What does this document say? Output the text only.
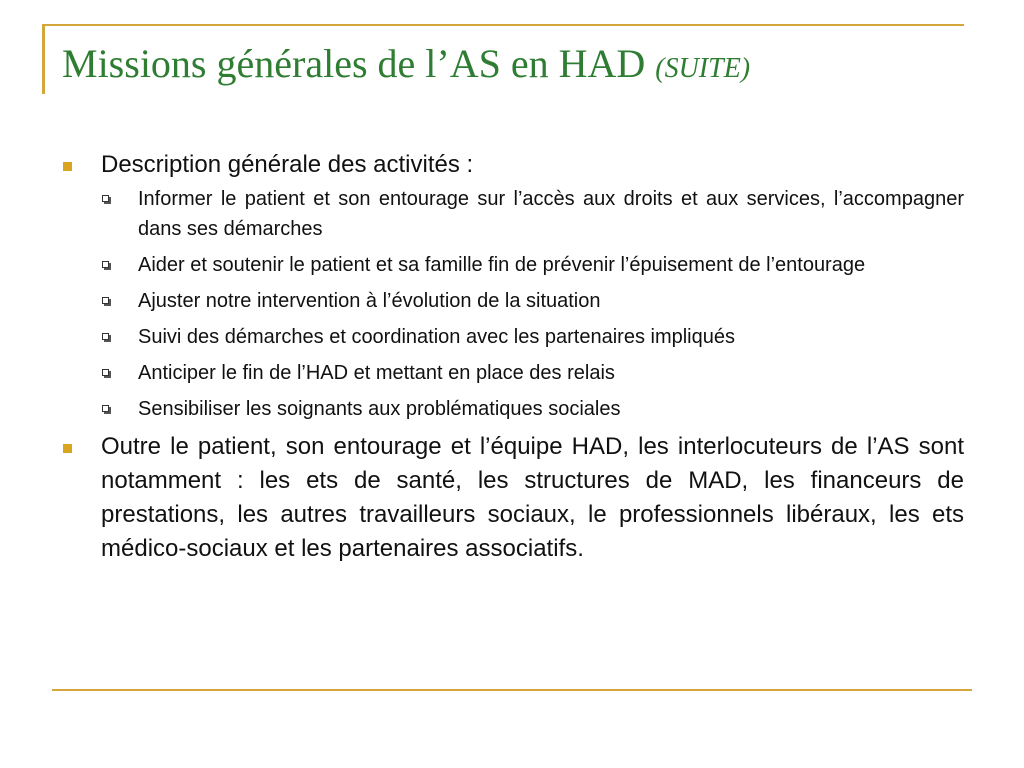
Missions générales de l’AS en HAD (SUITE)
Description générale des activités :
Informer le patient et son entourage sur l’accès aux droits et aux services, l’accompagner dans ses démarches
Aider et soutenir le patient et sa famille fin de prévenir l’épuisement de l’entourage
Ajuster notre intervention à l’évolution de la situation
Suivi des démarches et coordination avec les partenaires impliqués
Anticiper le fin de l’HAD et mettant en place des relais
Sensibiliser les soignants aux problématiques sociales
Outre le patient, son entourage et l’équipe HAD, les interlocuteurs de l’AS sont notamment : les ets de santé, les structures de MAD, les financeurs de prestations, les autres travailleurs sociaux, le professionnels libéraux, les ets médico-sociaux et les partenaires associatifs.
